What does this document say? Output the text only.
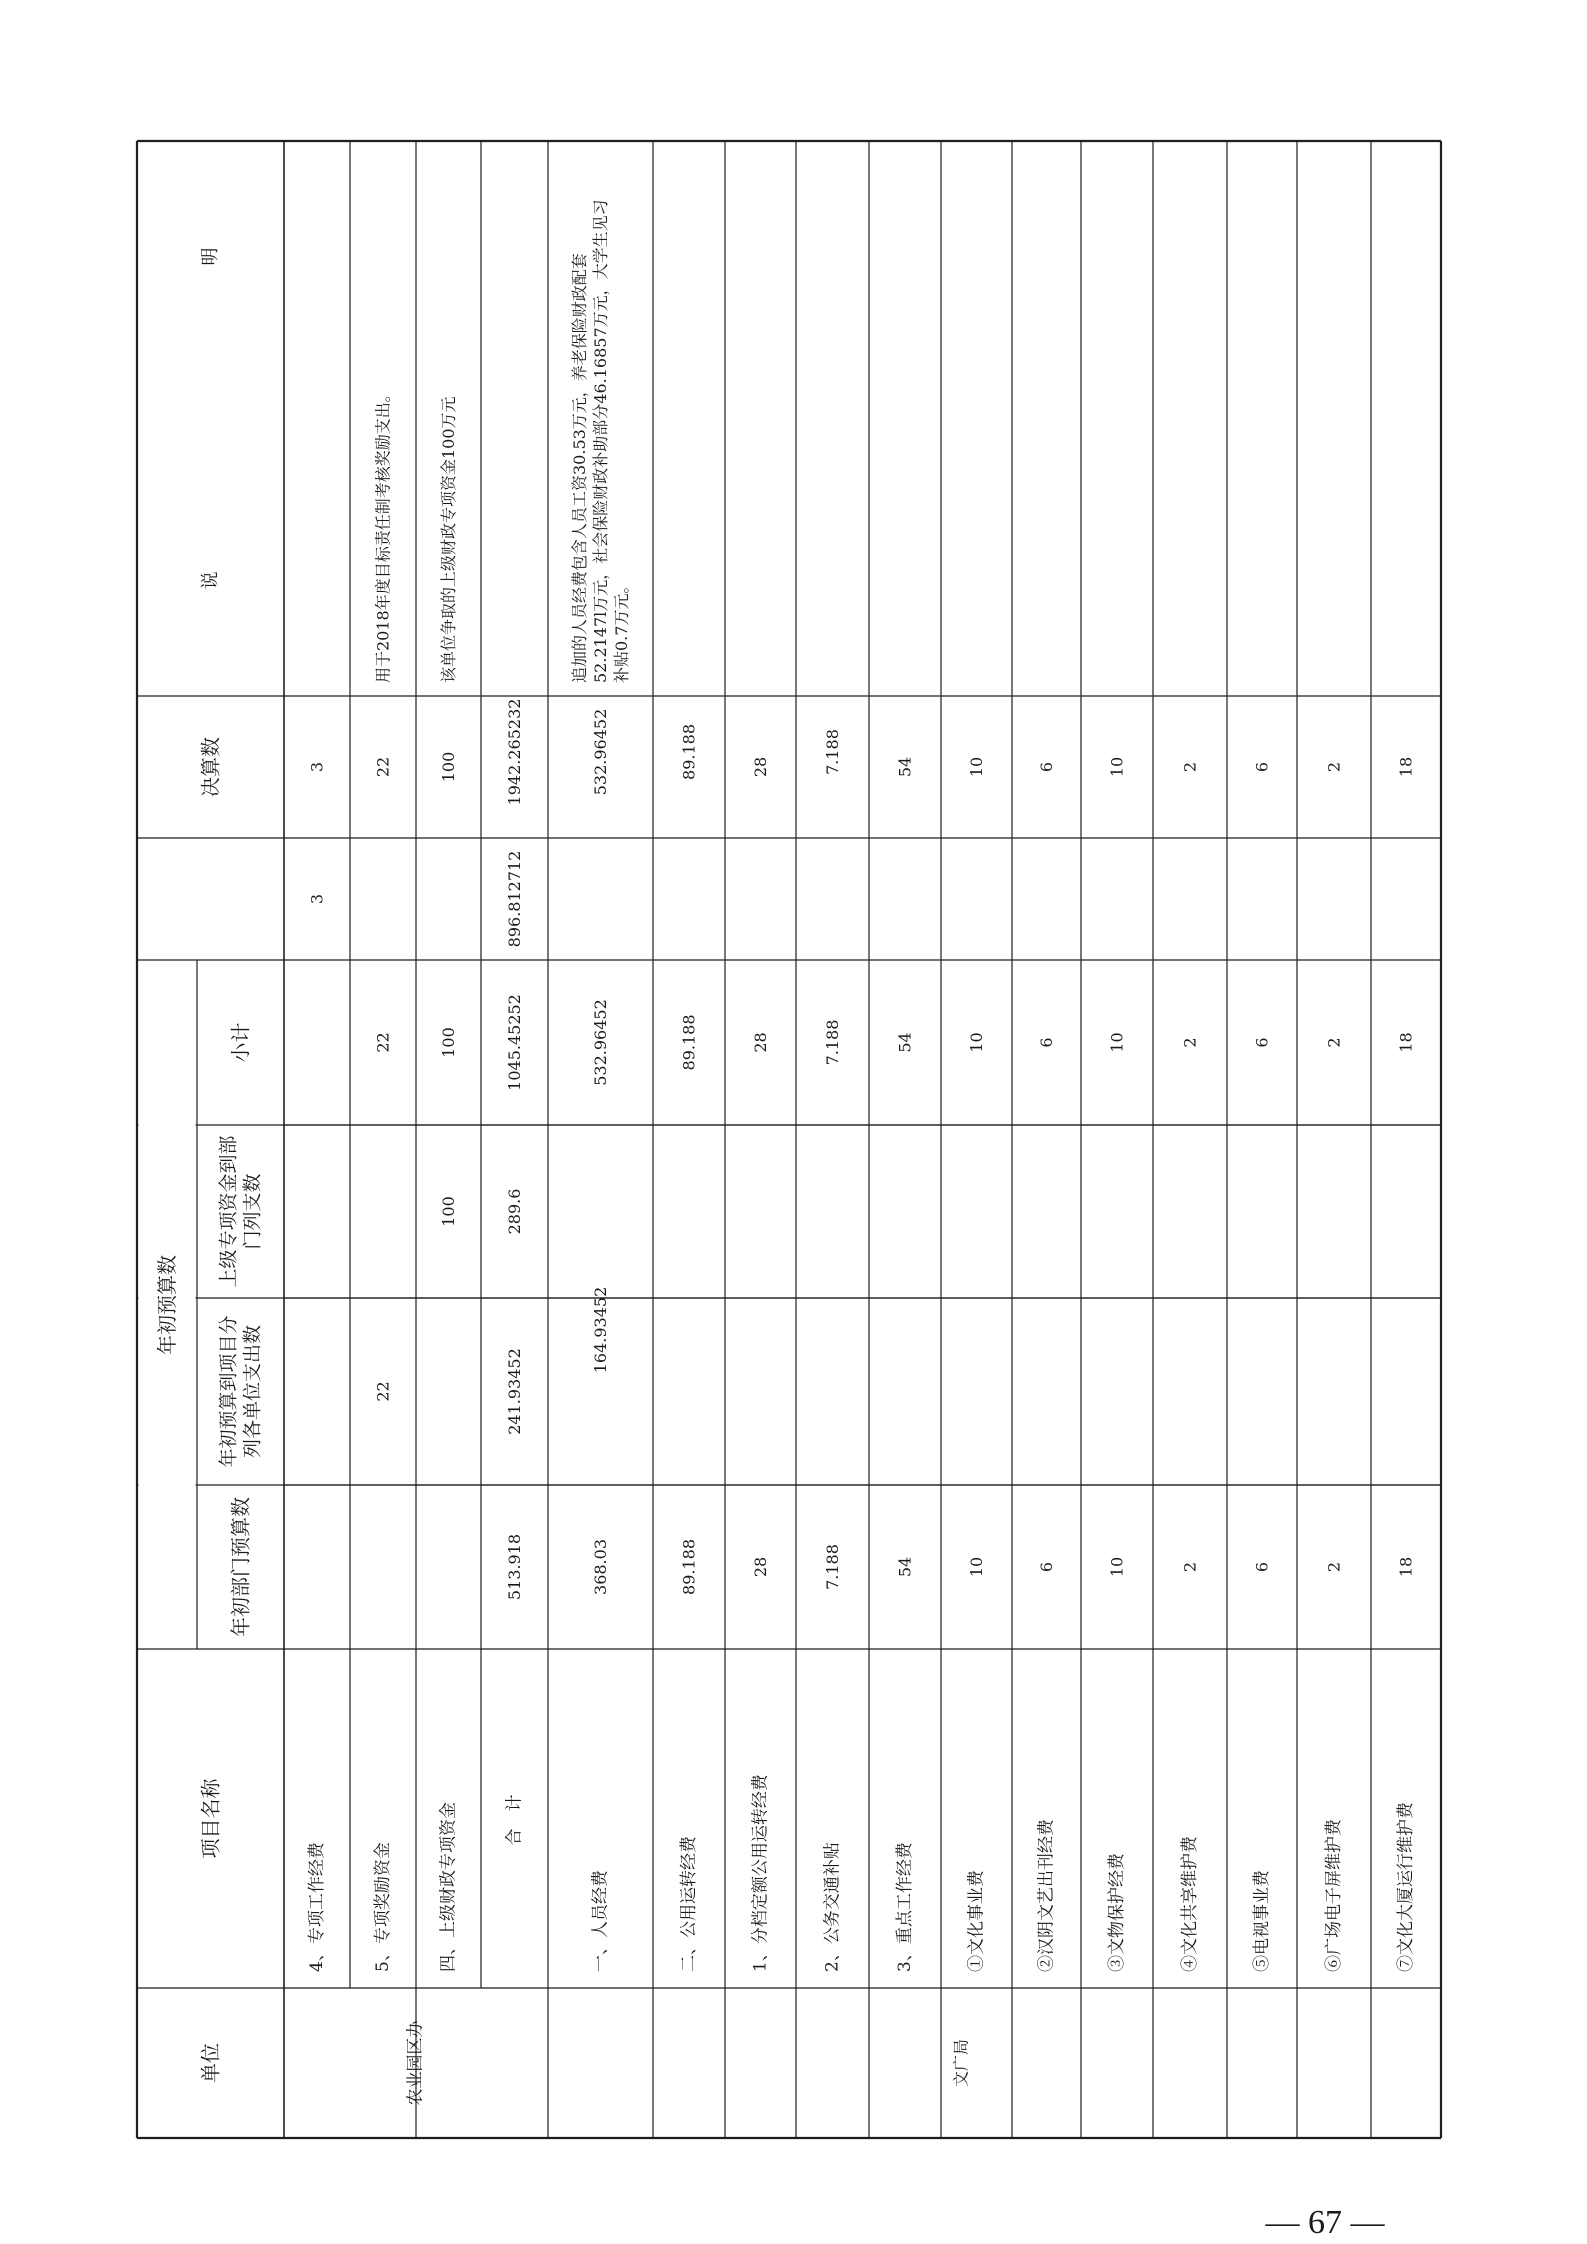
说　　　　　　　　　　　　　　　　　明
决算数
年初预算数
小计
上级专项资金到部 门列支数
年初预算到项目分 列各单位支出数
年初部门预算数
项目名称
单位	农业园区办	文广局
4、专项工作经费
3
3
5、专项奖励资金
22
22
22
用于2018年度目标责任制考核奖励支出。
四、上级财政专项资金
100
100
100
该单位争取的上级财政专项资金100万元
合　计
513.918
241.93452
289.6
1045.45252
896.812712
1942.265232
一、人员经费
368.03
164.93452
532.96452
532.96452
追加的人员经费包含人员工资30.53万元，养老保险财政配套 52.2147l万元，社会保险财政补助部分46.16857万元，大学生见习 补贴0.7万元。
二、公用运转经费
89.188
89.188
89.188
1、分档定额公用运转经费
28
28
28
2、公务交通补贴
7.188
7.188
7.188
3、重点工作经费
54
54
54
①文化事业费
10
10
10
②汉阴文艺出刊经费
6
6
6
③文物保护经费
10
10
10
④文化共享维护费
2
2
2
⑤电视事业费
6
6
6
⑥广场电子屏维护费
2
2
2
⑦文化大厦运行维护费
18
18
18
— 67 —
